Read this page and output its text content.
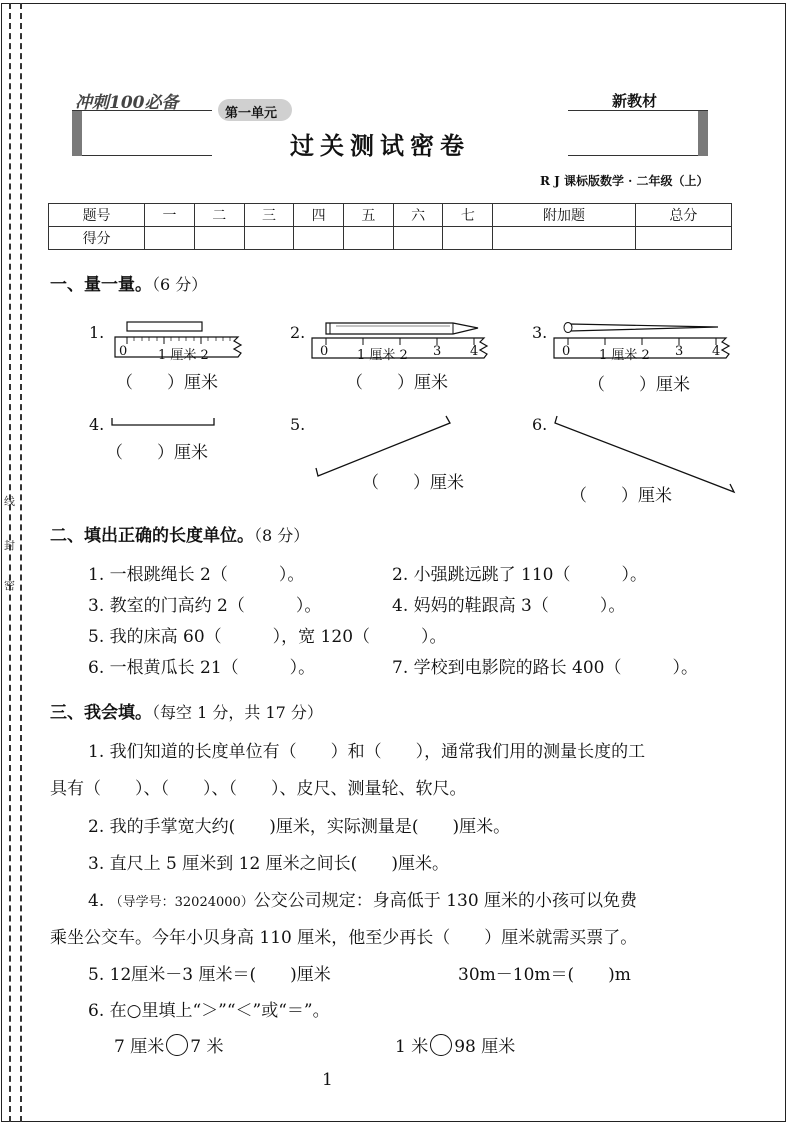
线
封
密
冲刺100必备	新教材
第一单元
过关测试密卷
R J 课标版数学 · 二年级（上）
题号	一	二	三	四	五	六	七	附加题	总分
得分									
一、量一量。（6 分）
0 1 厘米 2	0 1 厘米 2 3 4	0 1 厘米 2 3 4
1.	2.	3.
（　　）厘米	（　　）厘米	（　　）厘米
4.	5.	6.
（　　）厘米
（　　）厘米
（　　）厘米
二、填出正确的长度单位。（8 分）
1. 一根跳绳长 2（　　　）。	2. 小强跳远跳了 110（　　　）。
3. 教室的门高约 2（　　　）。	4. 妈妈的鞋跟高 3（　　　）。
5. 我的床高 60（　　　），宽 120（　　　）。
6. 一根黄瓜长 21（　　　）。	7. 学校到电影院的路长 400（　　　）。
三、我会填。（每空 1 分，共 17 分）
1. 我们知道的长度单位有（　　）和（　　），通常我们用的测量长度的工
具有（　　）、（　　）、（　　）、皮尺、测量轮、软尺。
2. 我的手掌宽大约(　　)厘米，实际测量是(　　)厘米。
3. 直尺上 5 厘米到 12 厘米之间长(　　)厘米。
4. （导学号：32024000）公交公司规定：身高低于 130 厘米的小孩可以免费
乘坐公交车。今年小贝身高 110 厘米，他至少再长（　　）厘米就需买票了。
5. 12厘米－3 厘米＝(　　)厘米	30m－10m＝(　　)m
6. 在○里填上“＞”“＜”或“＝”。
7 厘米 7 米	1 米 98 厘米
1
